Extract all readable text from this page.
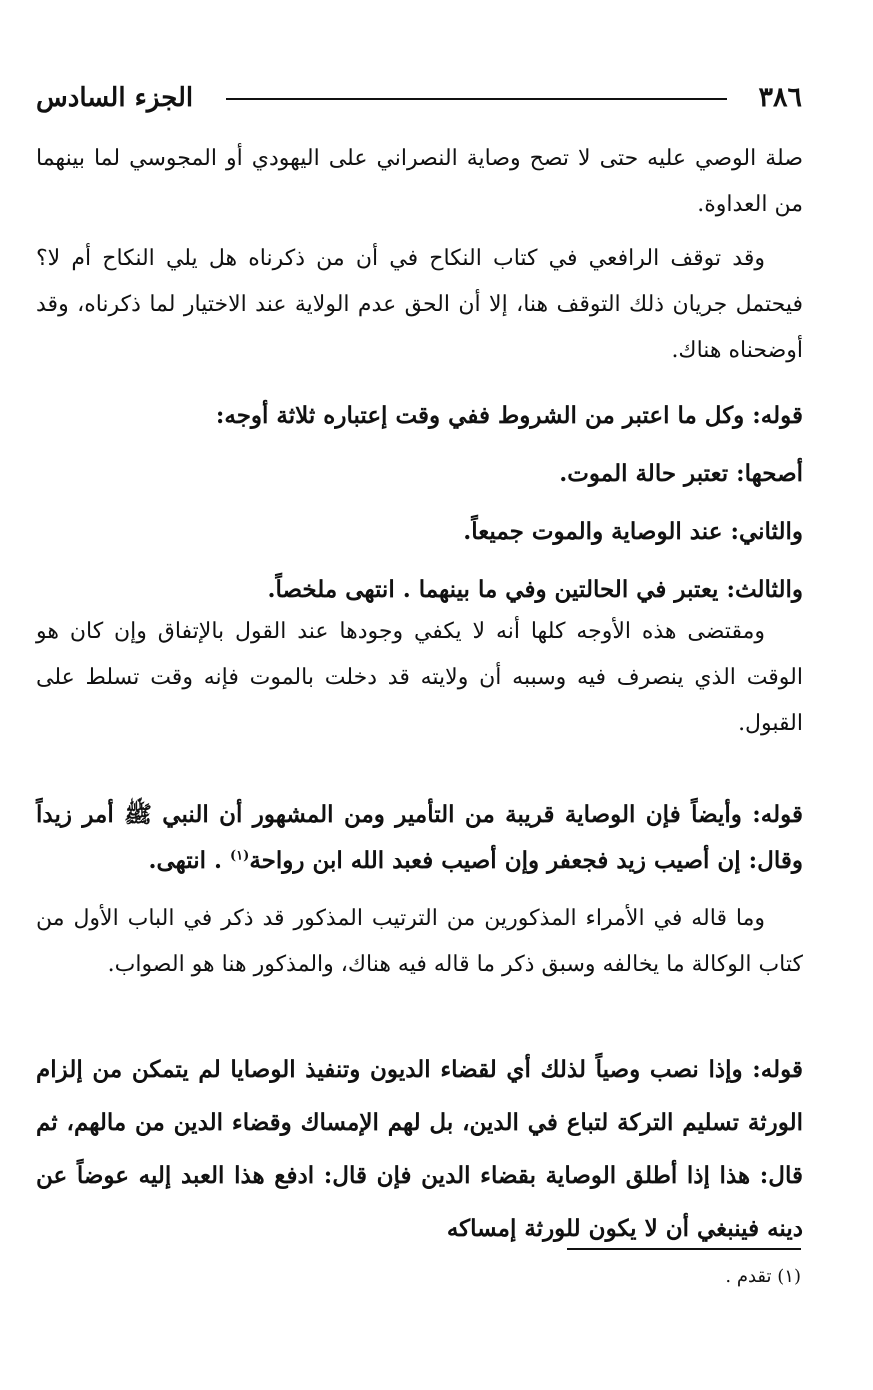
٣٨٦
الجزء السادس

صلة الوصي عليه حتى لا تصح وصاية النصراني على اليهودي أو المجوسي لما بينهما من العداوة.

وقد توقف الرافعي في كتاب النكاح في أن من ذكرناه هل يلي النكاح أم لا؟ فيحتمل جريان ذلك التوقف هنا، إلا أن الحق عدم الولاية عند الاختيار لما ذكرناه، وقد أوضحناه هناك.

قوله: وكل ما اعتبر من الشروط ففي وقت إعتباره ثلاثة أوجه:

أصحها: تعتبر حالة الموت.

والثاني: عند الوصاية والموت جميعاً.

والثالث: يعتبر في الحالتين وفي ما بينهما . انتهى ملخصاً.

ومقتضى هذه الأوجه كلها أنه لا يكفي وجودها عند القول بالإتفاق وإن كان هو الوقت الذي ينصرف فيه وسببه أن ولايته قد دخلت بالموت فإنه وقت تسلط على القبول.

قوله: وأيضاً فإن الوصاية قريبة من التأمير ومن المشهور أن النبي ﷺ أمر زيداً وقال: إن أصيب زيد فجعفر وإن أصيب فعبد الله ابن رواحة$^{(١)}$ . انتهى.

وما قاله في الأمراء المذكورين من الترتيب المذكور قد ذكر في الباب الأول من كتاب الوكالة ما يخالفه وسبق ذكر ما قاله فيه هناك، والمذكور هنا هو الصواب.

قوله: وإذا نصب وصياً لذلك أي لقضاء الديون وتنفيذ الوصايا لم يتمكن من إلزام الورثة تسليم التركة لتباع في الدين، بل لهم الإمساك وقضاء الدين من مالهم، ثم قال: هذا إذا أطلق الوصاية بقضاء الدين فإن قال: ادفع هذا العبد إليه عوضاً عن دينه فينبغي أن لا يكون للورثة إمساكه

(١) تقدم .
